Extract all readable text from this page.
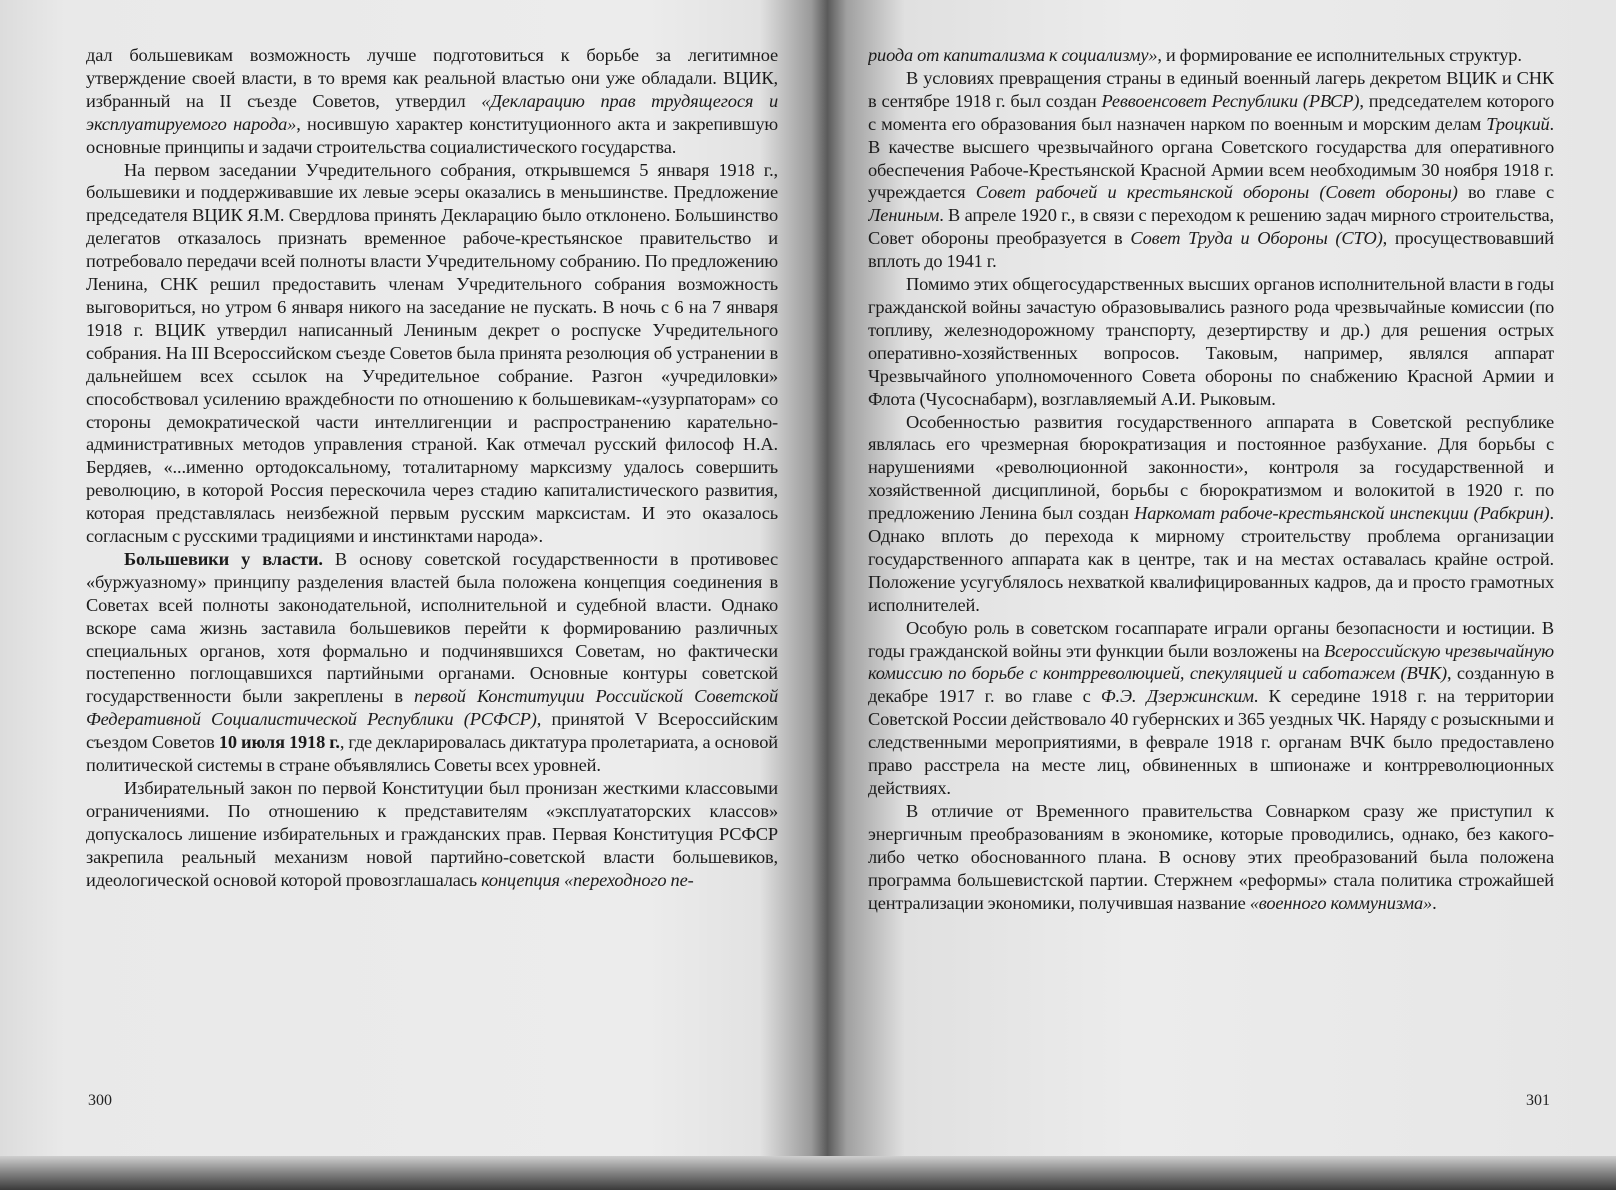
дал большевикам возможность лучше подготовиться к борьбе за легитимное утверждение своей власти, в то время как реальной властью они уже обладали. ВЦИК, избранный на II съезде Советов, утвердил «Декларацию прав трудящегося и эксплуатируемого народа», носившую характер конституционного акта и закрепившую основные принципы и задачи строительства социалистического государства.

На первом заседании Учредительного собрания, открывшемся 5 января 1918 г., большевики и поддерживавшие их левые эсеры оказались в меньшинстве. Предложение председателя ВЦИК Я.М. Свердлова принять Декларацию было отклонено. Большинство делегатов отказалось признать временное рабоче-крестьянское правительство и потребовало передачи всей полноты власти Учредительному собранию. По предложению Ленина, СНК решил предоставить членам Учредительного собрания возможность выговориться, но утром 6 января никого на заседание не пускать. В ночь с 6 на 7 января 1918 г. ВЦИК утвердил написанный Лениным декрет о роспуске Учредительного собрания. На III Всероссийском съезде Советов была принята резолюция об устранении в дальнейшем всех ссылок на Учредительное собрание. Разгон «учредиловки» способствовал усилению враждебности по отношению к большевикам-«узурпаторам» со стороны демократической части интеллигенции и распространению карательно-административных методов управления страной. Как отмечал русский философ Н.А. Бердяев, «...именно ортодоксальному, тоталитарному марксизму удалось совершить революцию, в которой Россия перескочила через стадию капиталистического развития, которая представлялась неизбежной первым русским марксистам. И это оказалось согласным с русскими традициями и инстинктами народа».

Большевики у власти. В основу советской государственности в противовес «буржуазному» принципу разделения властей была положена концепция соединения в Советах всей полноты законодательной, исполнительной и судебной власти. Однако вскоре сама жизнь заставила большевиков перейти к формированию различных специальных органов, хотя формально и подчинявшихся Советам, но фактически постепенно поглощавшихся партийными органами. Основные контуры советской государственности были закреплены в первой Конституции Российской Советской Федеративной Социалистической Республики (РСФСР), принятой V Всероссийским съездом Советов 10 июля 1918 г., где декларировалась диктатура пролетариата, а основой политической системы в стране объявлялись Советы всех уровней.

Избирательный закон по первой Конституции был пронизан жесткими классовыми ограничениями. По отношению к представителям «эксплуататорских классов» допускалось лишение избирательных и гражданских прав. Первая Конституция РСФСР закрепила реальный механизм новой партийно-советской власти большевиков, идеологической основой которой провозглашалась концепция «переходного пе-

риода от капитализма к социализму», и формирование ее исполнительных структур.

В условиях превращения страны в единый военный лагерь декретом ВЦИК и СНК в сентябре 1918 г. был создан Реввоенсовет Республики (РВСР), председателем которого с момента его образования был назначен нарком по военным и морским делам Троцкий. В качестве высшего чрезвычайного органа Советского государства для оперативного обеспечения Рабоче-Крестьянской Красной Армии всем необходимым 30 ноября 1918 г. учреждается Совет рабочей и крестьянской обороны (Совет обороны) во главе с Лениным. В апреле 1920 г., в связи с переходом к решению задач мирного строительства, Совет обороны преобразуется в Совет Труда и Обороны (СТО), просуществовавший вплоть до 1941 г.

Помимо этих общегосударственных высших органов исполнительной власти в годы гражданской войны зачастую образовывались разного рода чрезвычайные комиссии (по топливу, железнодорожному транспорту, дезертирству и др.) для решения острых оперативно-хозяйственных вопросов. Таковым, например, являлся аппарат Чрезвычайного уполномоченного Совета обороны по снабжению Красной Армии и Флота (Чусоснабарм), возглавляемый А.И. Рыковым.

Особенностью развития государственного аппарата в Советской республике являлась его чрезмерная бюрократизация и постоянное разбухание. Для борьбы с нарушениями «революционной законности», контроля за государственной и хозяйственной дисциплиной, борьбы с бюрократизмом и волокитой в 1920 г. по предложению Ленина был создан Наркомат рабоче-крестьянской инспекции (Рабкрин). Однако вплоть до перехода к мирному строительству проблема организации государственного аппарата как в центре, так и на местах оставалась крайне острой. Положение усугублялось нехваткой квалифицированных кадров, да и просто грамотных исполнителей.

Особую роль в советском госаппарате играли органы безопасности и юстиции. В годы гражданской войны эти функции были возложены на Всероссийскую чрезвычайную комиссию по борьбе с контрреволюцией, спекуляцией и саботажем (ВЧК), созданную в декабре 1917 г. во главе с Ф.Э. Дзержинским. К середине 1918 г. на территории Советской России действовало 40 губернских и 365 уездных ЧК. Наряду с розыскными и следственными мероприятиями, в феврале 1918 г. органам ВЧК было предоставлено право расстрела на месте лиц, обвиненных в шпионаже и контрреволюционных действиях.

В отличие от Временного правительства Совнарком сразу же приступил к энергичным преобразованиям в экономике, которые проводились, однако, без какого-либо четко обоснованного плана. В основу этих преобразований была положена программа большевистской партии. Стержнем «реформы» стала политика строжайшей централизации экономики, получившая название «военного коммунизма».

300	301
